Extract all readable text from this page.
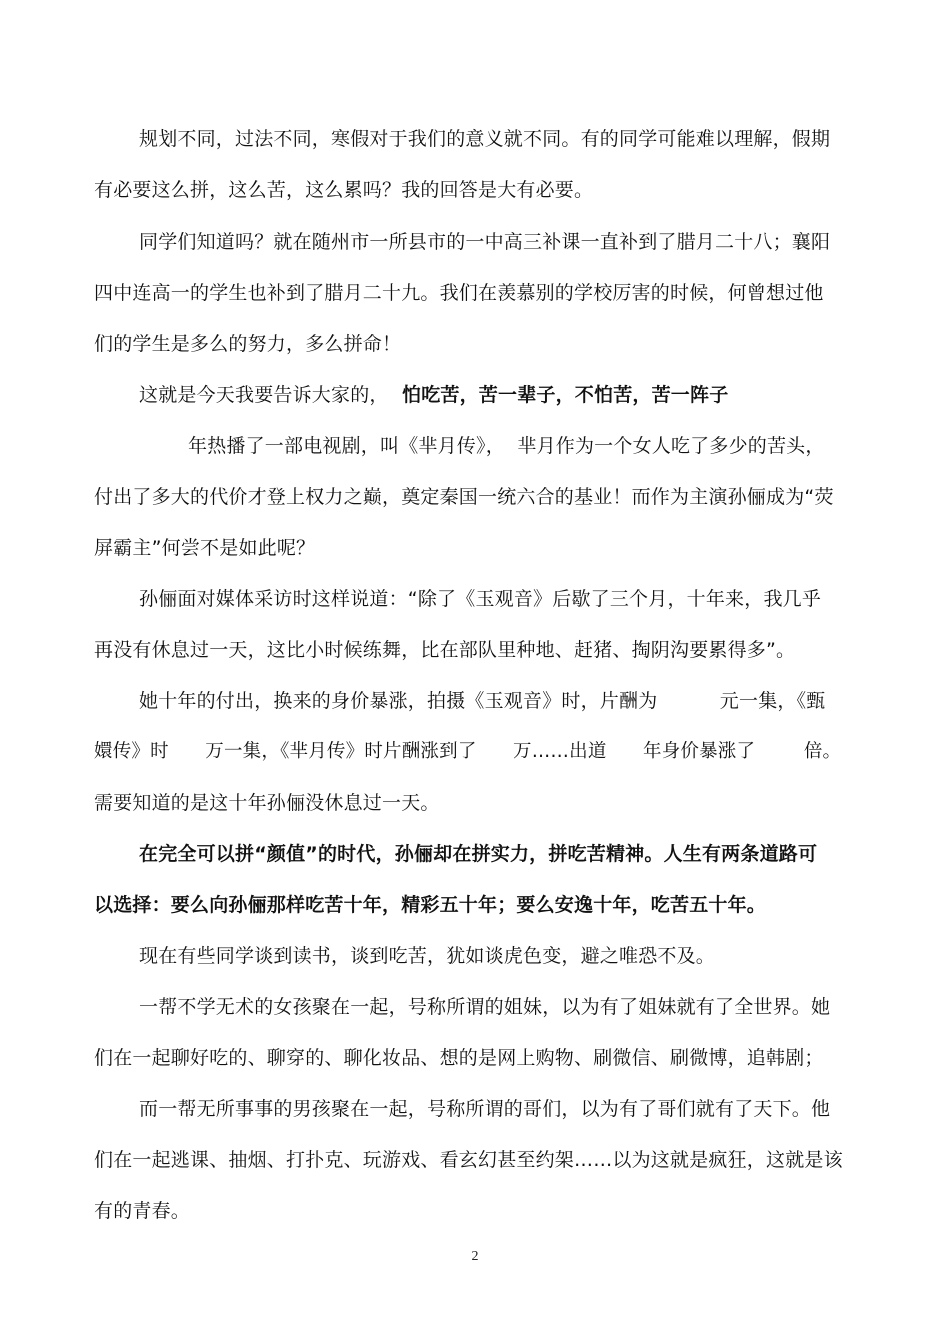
规划不同，过法不同，寒假对于我们的意义就不同。有的同学可能难以理解，假期
有必要这么拼，这么苦，这么累吗？我的回答是大有必要。
同学们知道吗？就在随州市一所县市的一中高三补课一直补到了腊月二十八；襄阳
四中连高一的学生也补到了腊月二十九。我们在羡慕别的学校厉害的时候，何曾想过他
们的学生是多么的努力，多么拼命！
这就是今天我要告诉大家的， 怕吃苦，苦一辈子，不怕苦，苦一阵子
年热播了一部电视剧，叫《芈月传》，  芈月作为一个女人吃了多少的苦头，
付出了多大的代价才登上权力之巅，奠定秦国一统六合的基业！而作为主演孙俪成为“荧
屏霸主”何尝不是如此呢？
孙俪面对媒体采访时这样说道：“除了《玉观音》后歇了三个月，十年来，我几乎
再没有休息过一天，这比小时候练舞，比在部队里种地、赶猪、掏阴沟要累得多”。
她十年的付出，换来的身价暴涨，拍摄《玉观音》时，片酬为          元一集，《甄
嬛传》时      万一集，《芈月传》时片酬涨到了      万……出道      年身价暴涨了        倍。
需要知道的是这十年孙俪没休息过一天。
在完全可以拼“颜值”的时代，孙俪却在拼实力，拼吃苦精神。人生有两条道路可
以选择：要么向孙俪那样吃苦十年，精彩五十年；要么安逸十年，吃苦五十年。
现在有些同学谈到读书，谈到吃苦，犹如谈虎色变，避之唯恐不及。
一帮不学无术的女孩聚在一起，号称所谓的姐妹，以为有了姐妹就有了全世界。她
们在一起聊好吃的、聊穿的、聊化妆品、想的是网上购物、刷微信、刷微博，追韩剧；
而一帮无所事事的男孩聚在一起，号称所谓的哥们，以为有了哥们就有了天下。他
们在一起逃课、抽烟、打扑克、玩游戏、看玄幻甚至约架……以为这就是疯狂，这就是该
有的青春。
2
